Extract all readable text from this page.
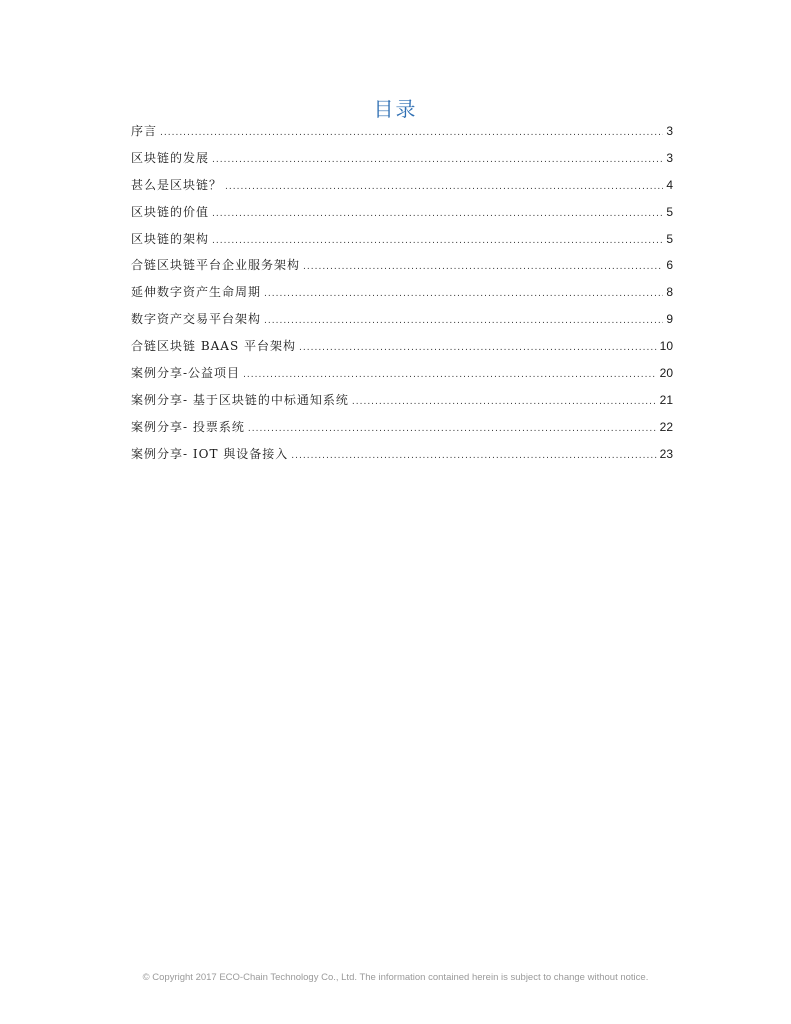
目录
序言 .....	3
区块链的发展 .....	3
甚么是区块链？ .....	4
区块链的价值 .....	5
区块链的架构 .....	5
合链区块链平台企业服务架构 .....	6
延伸数字资产生命周期 .....	8
数字资产交易平台架构 .....	9
合链区块链 BAAS 平台架构 .....	10
案例分享-公益项目 .....	20
案例分享- 基于区块链的中标通知系统 .....	21
案例分享- 投票系统 .....	22
案例分享- IOT 與设备接入 .....	23
© Copyright 2017 ECO-Chain Technology Co., Ltd. The information contained herein is subject to change without notice.
